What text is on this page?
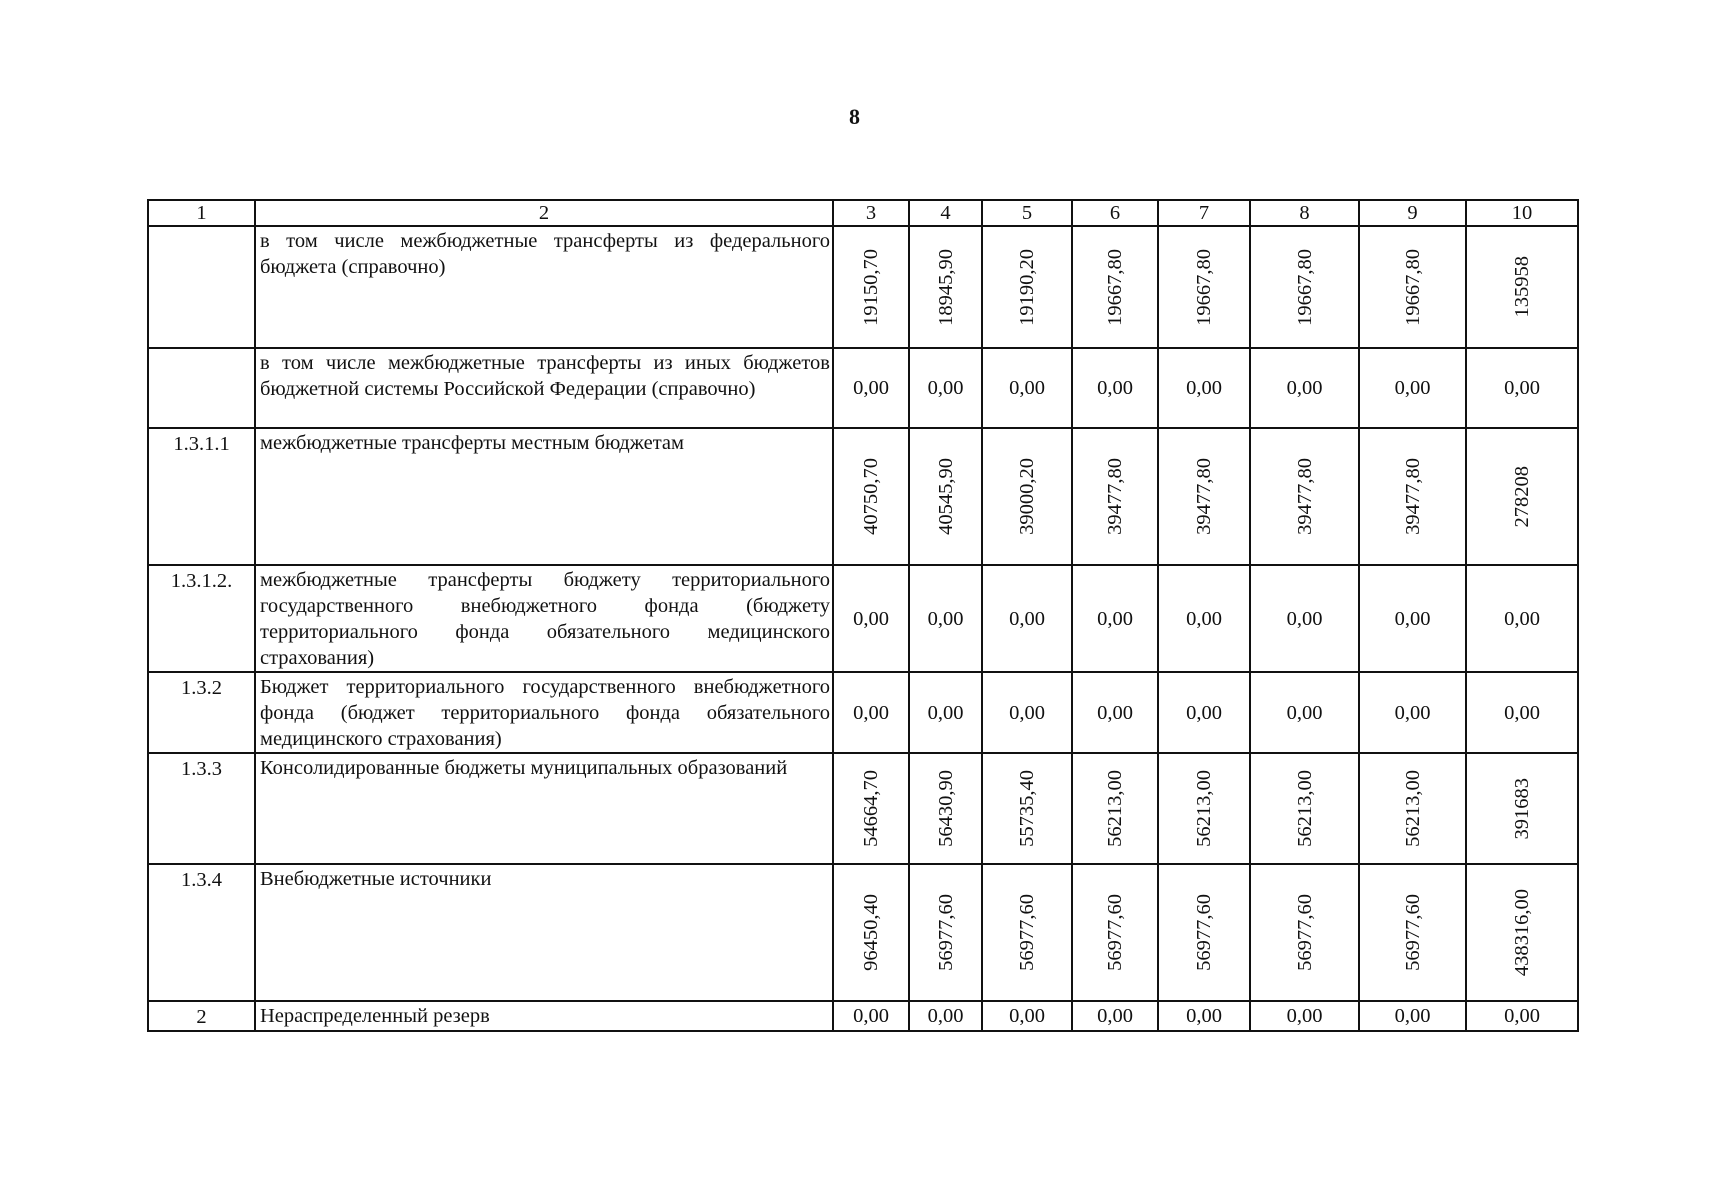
8
1	2	3	4	5	6	7	8	9	10
	в том числе межбюджетные трансферты из федерального бюджета (справочно)	19150,70	18945,90	19190,20	19667,80	19667,80	19667,80	19667,80	135958

	в том числе межбюджетные трансферты из иных бюджетов бюджетной системы Российской Федерации (справочно)	0,00	0,00	0,00	0,00	0,00	0,00	0,00	0,00
1.3.1.1	межбюджетные трансферты местным бюджетам	40750,70	40545,90	39000,20	39477,80	39477,80	39477,80	39477,80	278208

1.3.1.2.	межбюджетные трансферты бюджету территориального государственного внебюджетного фонда (бюджету территориального фонда обязательного медицинского страхования)	0,00	0,00	0,00	0,00	0,00	0,00	0,00	0,00
1.3.2	Бюджет территориального государственного внебюджетного фонда (бюджет территориального фонда обязательного медицинского страхования)	0,00	0,00	0,00	0,00	0,00	0,00	0,00	0,00
1.3.3	Консолидированные бюджеты муниципальных образований	54664,70	56430,90	55735,40	56213,00	56213,00	56213,00	56213,00	391683

1.3.4	Внебюджетные источники	96450,40	56977,60	56977,60	56977,60	56977,60	56977,60	56977,60	438316,00

2	Нераспределенный резерв	0,00	0,00	0,00	0,00	0,00	0,00	0,00	0,00
